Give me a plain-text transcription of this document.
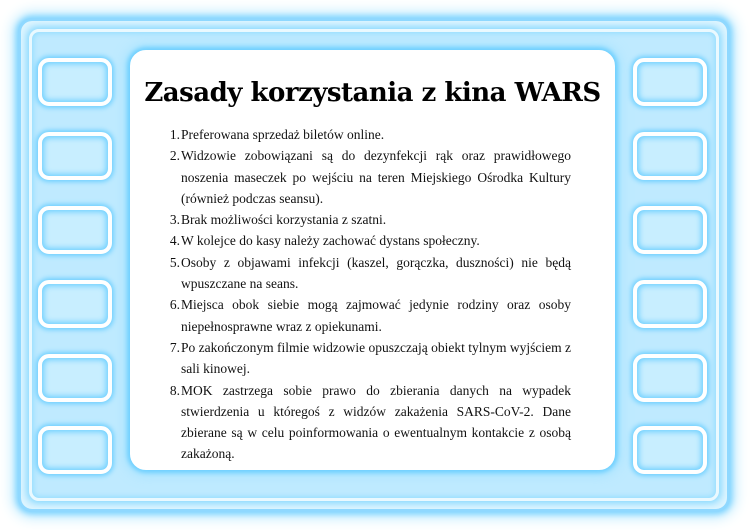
Zasady korzystania z kina WARS
1. Preferowana sprzedaż biletów online.
2. Widzowie zobowiązani są do dezynfekcji rąk oraz prawidłowego noszenia maseczek po wejściu na teren Miejskiego Ośrodka Kultury (również podczas seansu).
3. Brak możliwości korzystania z szatni.
4. W kolejce do kasy należy zachować dystans społeczny.
5. Osoby z objawami infekcji (kaszel, gorączka, duszności) nie będą wpuszczane na seans.
6. Miejsca obok siebie mogą zajmować jedynie rodziny oraz osoby niepełnosprawne wraz z opiekunami.
7. Po zakończonym filmie widzowie opuszczają obiekt tylnym wyjściem z sali kinowej.
8. MOK zastrzega sobie prawo do zbierania danych na wypadek stwierdzenia u któregoś z widzów zakażenia SARS-CoV-2. Dane zbierane są w celu poinformowania o ewentualnym kontakcie z osobą zakażoną.
